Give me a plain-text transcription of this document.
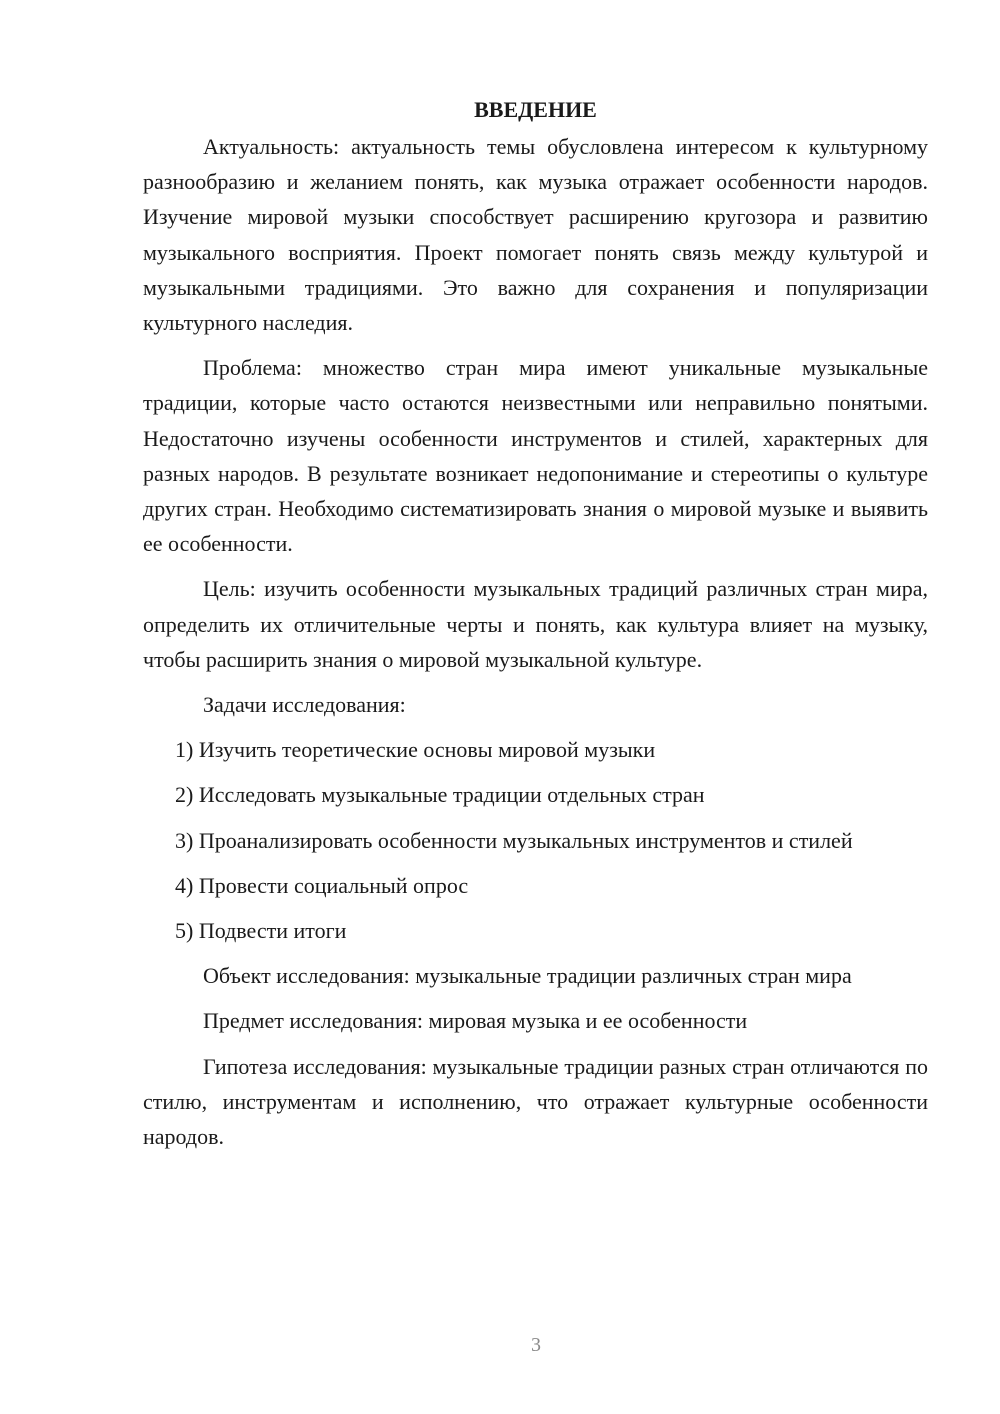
ВВЕДЕНИЕ

Актуальность: актуальность темы обусловлена интересом к культурному разнообразию и желанием понять, как музыка отражает особенности народов. Изучение мировой музыки способствует расширению кругозора и развитию музыкального восприятия. Проект помогает понять связь между культурой и музыкальными традициями. Это важно для сохранения и популяризации культурного наследия.

Проблема: множество стран мира имеют уникальные музыкальные традиции, которые часто остаются неизвестными или неправильно понятыми. Недостаточно изучены особенности инструментов и стилей, характерных для разных народов. В результате возникает недопонимание и стереотипы о культуре других стран. Необходимо систематизировать знания о мировой музыке и выявить ее особенности.

Цель: изучить особенности музыкальных традиций различных стран мира, определить их отличительные черты и понять, как культура влияет на музыку, чтобы расширить знания о мировой музыкальной культуре.

Задачи исследования:

1) Изучить теоретические основы мировой музыки

2) Исследовать музыкальные традиции отдельных стран

3) Проанализировать особенности музыкальных инструментов и стилей

4) Провести социальный опрос

5) Подвести итоги

Объект исследования: музыкальные традиции различных стран мира

Предмет исследования: мировая музыка и ее особенности

Гипотеза исследования: музыкальные традиции разных стран отличаются по стилю, инструментам и исполнению, что отражает культурные особенности народов.

3
